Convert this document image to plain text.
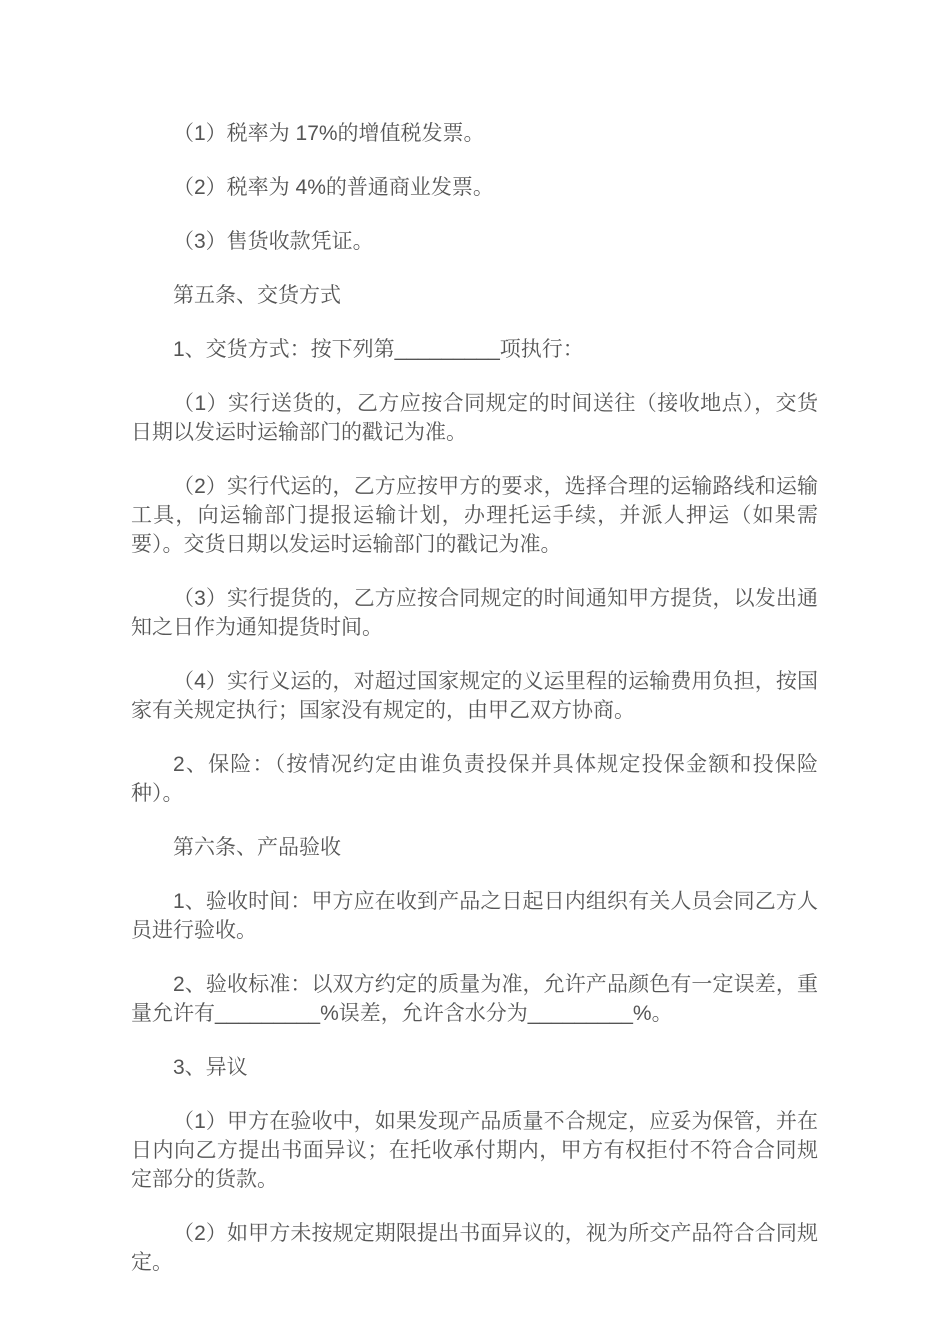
（1）税率为 17%的增值税发票。

（2）税率为 4%的普通商业发票。

（3）售货收款凭证。

第五条、交货方式

1、交货方式：按下列第_________项执行：

（1）实行送货的，乙方应按合同规定的时间送往（接收地点），交货日期以发运时运输部门的戳记为准。

（2）实行代运的，乙方应按甲方的要求，选择合理的运输路线和运输工具，向运输部门提报运输计划，办理托运手续，并派人押运（如果需要）。交货日期以发运时运输部门的戳记为准。

（3）实行提货的，乙方应按合同规定的时间通知甲方提货，以发出通知之日作为通知提货时间。

（4）实行义运的，对超过国家规定的义运里程的运输费用负担，按国家有关规定执行；国家没有规定的，由甲乙双方协商。

2、保险：（按情况约定由谁负责投保并具体规定投保金额和投保险种）。

第六条、产品验收

1、验收时间：甲方应在收到产品之日起日内组织有关人员会同乙方人员进行验收。

2、验收标准：以双方约定的质量为准，允许产品颜色有一定误差，重量允许有_________%误差，允许含水分为_________%。

3、异议

（1）甲方在验收中，如果发现产品质量不合规定，应妥为保管，并在日内向乙方提出书面异议；在托收承付期内，甲方有权拒付不符合合同规定部分的货款。

（2）如甲方未按规定期限提出书面异议的，视为所交产品符合合同规定。
